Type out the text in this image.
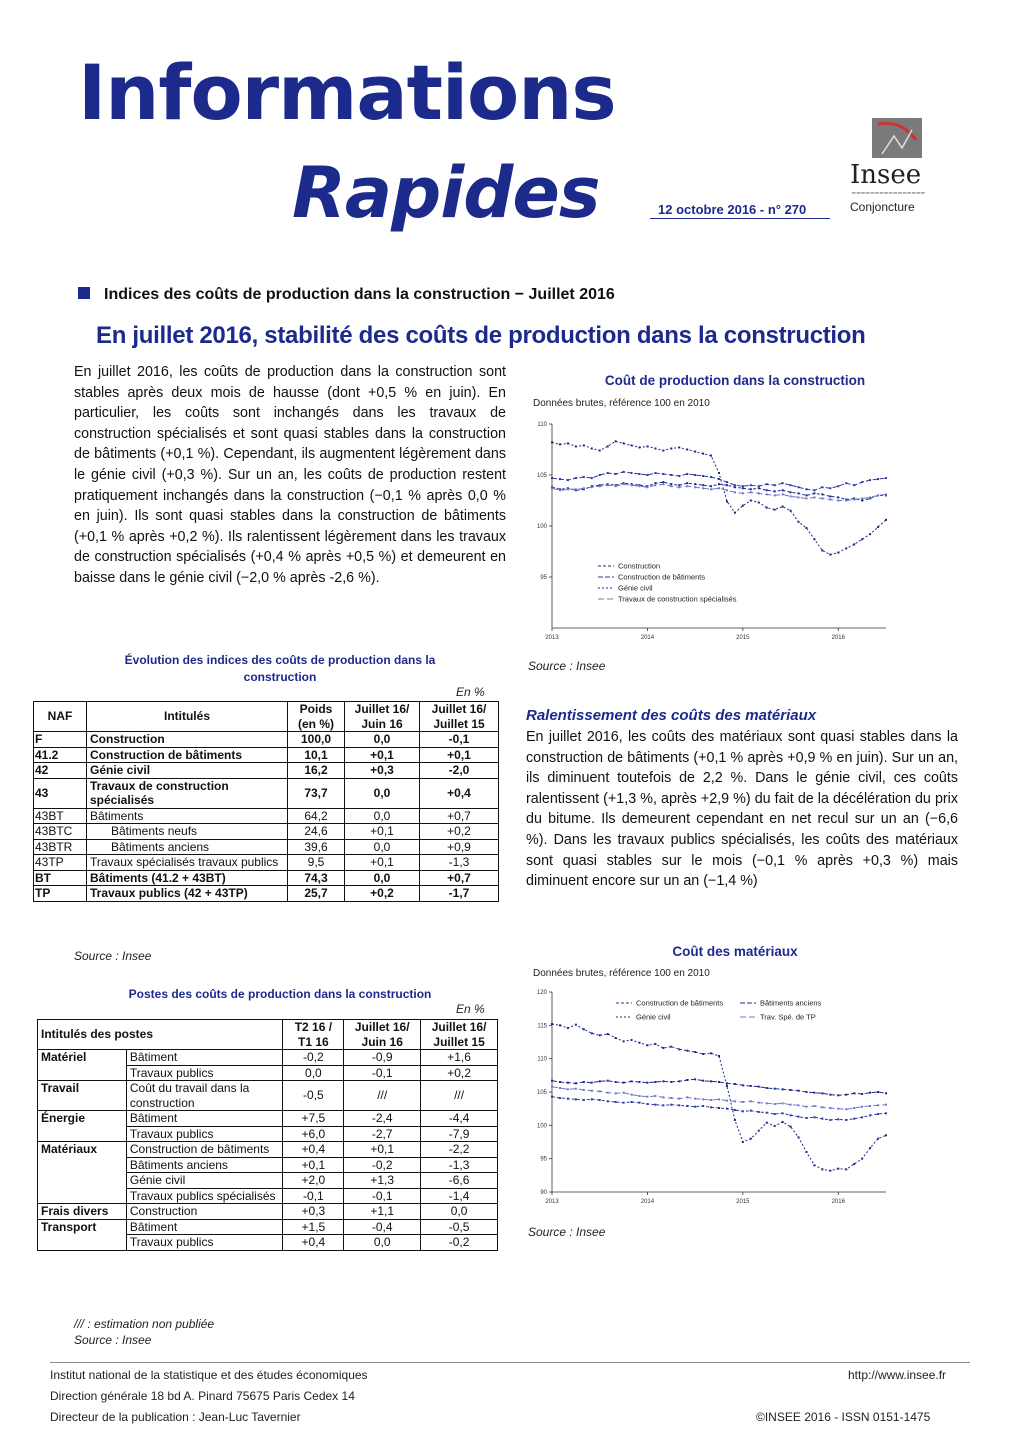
Informations
Rapides	12 octobre 2016 - n° 270
Insee
━━━━━━━━━━━━━━━━
Conjoncture
Indices des coûts de production dans la construction − Juillet 2016
En juillet 2016, stabilité des coûts de production dans la construction
En juillet 2016, les coûts de production dans la construction sont stables après deux mois de hausse (dont +0,5 % en juin). En particulier, les coûts sont inchangés dans les travaux de construction spécialisés et sont quasi stables dans la construction de bâtiments (+0,1 %). Cependant, ils augmentent légèrement dans le génie civil (+0,3 %). Sur un an, les coûts de production restent pratiquement inchangés dans la construction (−0,1 % après 0,0 % en juin). Ils sont quasi stables dans la construction de bâtiments (+0,1 % après +0,2 %). Ils ralentissent légèrement dans les travaux de construction spécialisés (+0,4 % après +0,5 %) et demeurent en baisse dans le génie civil (−2,0 % après -2,6 %).
Coût de production dans la construction
Données brutes, référence 100 en 2010
110
105
100
95
2013	2014	2015	2016
Construction
Construction de bâtiments
Génie civil
Travaux de construction spécialisés
Source : Insee
Évolution des indices des coûts de production dans la construction
En %
NAF	Intitulés	Poids (en %)	Juillet 16/ Juin 16	Juillet 16/ Juillet 15
F	Construction	100,0	0,0	-0,1
41.2	Construction de bâtiments	10,1	+0,1	+0,1
42	Génie civil	16,2	+0,3	-2,0
43	Travaux de construction spécialisés	73,7	0,0	+0,4
43BT	Bâtiments	64,2	0,0	+0,7
43BTC	Bâtiments neufs	24,6	+0,1	+0,2
43BTR	Bâtiments anciens	39,6	0,0	+0,9
43TP	Travaux spécialisés travaux publics	9,5	+0,1	-1,3
BT	Bâtiments (41.2 + 43BT)	74,3	0,0	+0,7
TP	Travaux publics (42 + 43TP)	25,7	+0,2	-1,7
Source : Insee
Postes des coûts de production dans la construction
En %
Intitulés des postes		T2 16 / T1 16	Juillet 16/ Juin 16	Juillet 16/ Juillet 15
Matériel	Bâtiment	-0,2	-0,9	+1,6
	Travaux publics	0,0	-0,1	+0,2
Travail	Coût du travail dans la construction	-0,5	///	///
Énergie	Bâtiment	+7,5	-2,4	-4,4
	Travaux publics	+6,0	-2,7	-7,9
Matériaux	Construction de bâtiments	+0,4	+0,1	-2,2
	Bâtiments anciens	+0,1	-0,2	-1,3
	Génie civil	+2,0	+1,3	-6,6
	Travaux publics spécialisés	-0,1	-0,1	-1,4
Frais divers	Construction	+0,3	+1,1	0,0
Transport	Bâtiment	+1,5	-0,4	-0,5
	Travaux publics	+0,4	0,0	-0,2
/// : estimation non publiée
Source : Insee
Ralentissement des coûts des matériaux
En juillet 2016, les coûts des matériaux sont quasi stables dans la construction de bâtiments (+0,1 % après +0,9 % en juin). Sur un an, ils diminuent toutefois de 2,2 %. Dans le génie civil, ces coûts ralentissent (+1,3 %, après +2,9 %) du fait de la décélération du prix du bitume. Ils demeurent cependant en net recul sur un an (−6,6 %). Dans les travaux publics spécialisés, les coûts des matériaux sont quasi stables sur le mois (−0,1 % après +0,3 %) mais diminuent encore sur un an (−1,4 %)
Coût des matériaux
Données brutes, référence 100 en 2010
120
115
110
105
100
95
90
2013	2014	2015	2016
Construction de bâtiments	Bâtiments anciens
Génie civil	Trav. Spé. de TP
Source : Insee
Institut national de la statistique et des études économiques
Direction générale 18 bd A. Pinard 75675 Paris Cedex 14
Directeur de la publication : Jean-Luc Tavernier
http://www.insee.fr
©INSEE 2016 - ISSN 0151-1475
